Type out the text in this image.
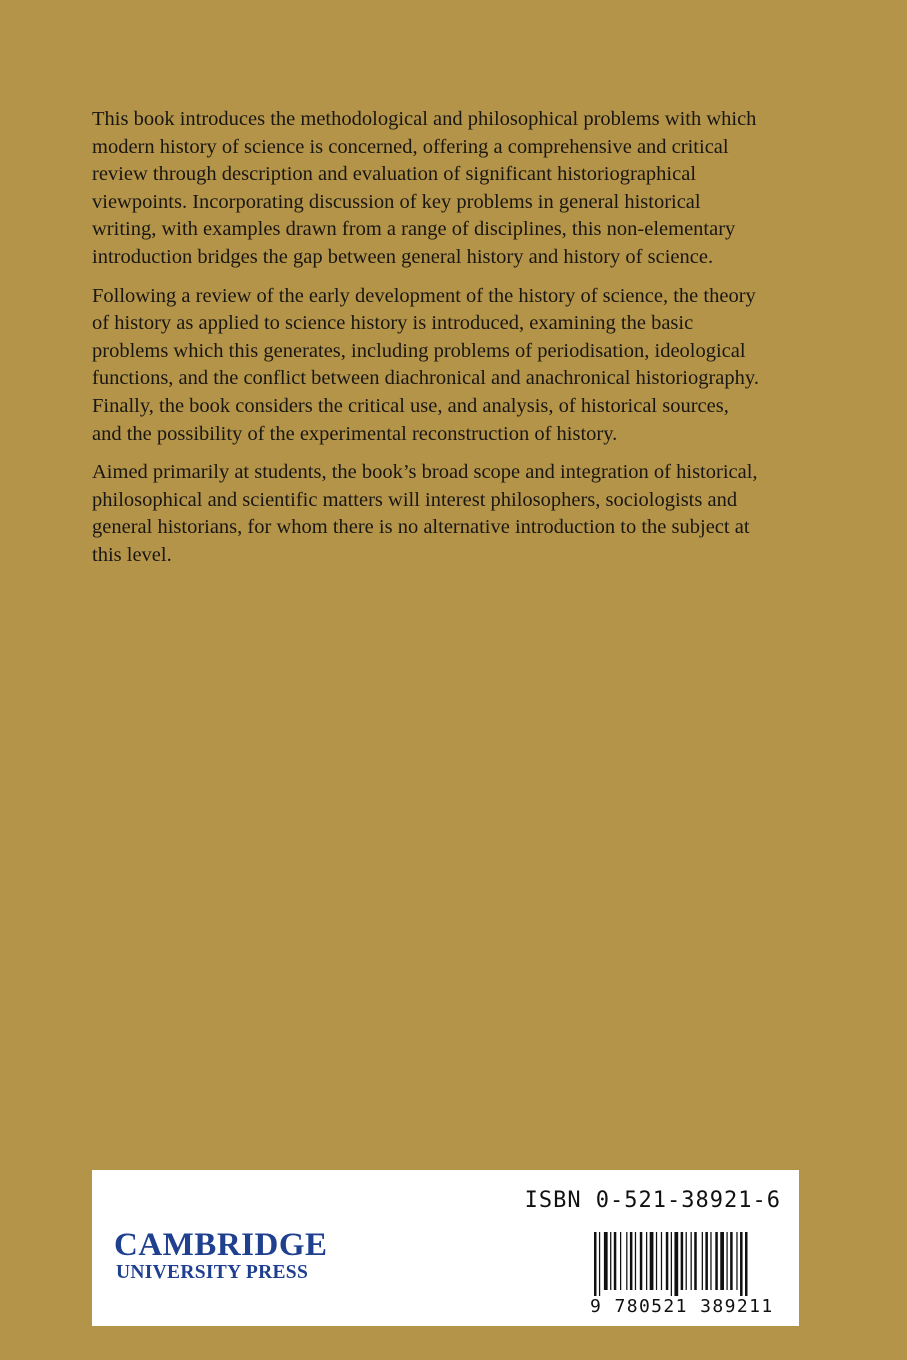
This book introduces the methodological and philosophical problems with which modern history of science is concerned, offering a comprehensive and critical review through description and evaluation of significant historiographical viewpoints. Incorporating discussion of key problems in general historical writing, with examples drawn from a range of disciplines, this non-elementary introduction bridges the gap between general history and history of science.

Following a review of the early development of the history of science, the theory of history as applied to science history is introduced, examining the basic problems which this generates, including problems of periodisation, ideological functions, and the conflict between diachronical and anachronical historiography. Finally, the book considers the critical use, and analysis, of historical sources, and the possibility of the experimental reconstruction of history.

Aimed primarily at students, the book’s broad scope and integration of historical, philosophical and scientific matters will interest philosophers, sociologists and general historians, for whom there is no alternative introduction to the subject at this level.

CAMBRIDGE
UNIVERSITY PRESS
ISBN 0-521-38921-6
9 780521 389211
